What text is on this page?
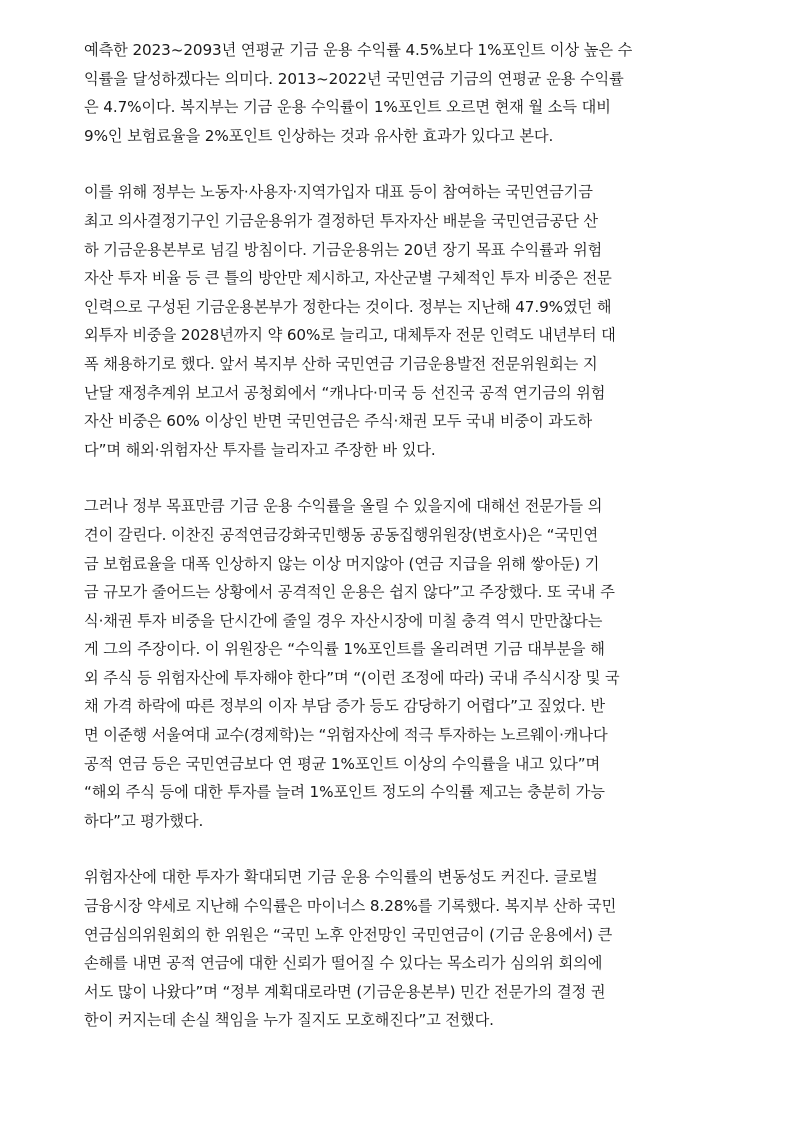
예측한 2023~2093년 연평균 기금 운용 수익률 4.5%보다 1%포인트 이상 높은 수
익률을 달성하겠다는 의미다. 2013~2022년 국민연금 기금의 연평균 운용 수익률
은 4.7%이다. 복지부는 기금 운용 수익률이 1%포인트 오르면 현재 월 소득 대비
9%인 보험료율을 2%포인트 인상하는 것과 유사한 효과가 있다고 본다.

이를 위해 정부는 노동자·사용자·지역가입자 대표 등이 참여하는 국민연금기금
최고 의사결정기구인 기금운용위가 결정하던 투자자산 배분을 국민연금공단 산
하 기금운용본부로 넘길 방침이다. 기금운용위는 20년 장기 목표 수익률과 위험
자산 투자 비율 등 큰 틀의 방안만 제시하고, 자산군별 구체적인 투자 비중은 전문
인력으로 구성된 기금운용본부가 정한다는 것이다. 정부는 지난해 47.9%였던 해
외투자 비중을 2028년까지 약 60%로 늘리고, 대체투자 전문 인력도 내년부터 대
폭 채용하기로 했다. 앞서 복지부 산하 국민연금 기금운용발전 전문위원회는 지
난달 재정추계위 보고서 공청회에서 “캐나다·미국 등 선진국 공적 연기금의 위험
자산 비중은 60% 이상인 반면 국민연금은 주식·채권 모두 국내 비중이 과도하
다”며 해외·위험자산 투자를 늘리자고 주장한 바 있다.

그러나 정부 목표만큼 기금 운용 수익률을 올릴 수 있을지에 대해선 전문가들 의
견이 갈린다. 이찬진 공적연금강화국민행동 공동집행위원장(변호사)은 “국민연
금 보험료율을 대폭 인상하지 않는 이상 머지않아 (연금 지급을 위해 쌓아둔) 기
금 규모가 줄어드는 상황에서 공격적인 운용은 쉽지 않다”고 주장했다. 또 국내 주
식·채권 투자 비중을 단시간에 줄일 경우 자산시장에 미칠 충격 역시 만만찮다는
게 그의 주장이다. 이 위원장은 “수익률 1%포인트를 올리려면 기금 대부분을 해
외 주식 등 위험자산에 투자해야 한다”며 “(이런 조정에 따라) 국내 주식시장 및 국
채 가격 하락에 따른 정부의 이자 부담 증가 등도 감당하기 어렵다”고 짚었다. 반
면 이준행 서울여대 교수(경제학)는 “위험자산에 적극 투자하는 노르웨이·캐나다
공적 연금 등은 국민연금보다 연 평균 1%포인트 이상의 수익률을 내고 있다”며
“해외 주식 등에 대한 투자를 늘려 1%포인트 정도의 수익률 제고는 충분히 가능
하다”고 평가했다.

위험자산에 대한 투자가 확대되면 기금 운용 수익률의 변동성도 커진다. 글로벌
금융시장 약세로 지난해 수익률은 마이너스 8.28%를 기록했다. 복지부 산하 국민
연금심의위원회의 한 위원은 “국민 노후 안전망인 국민연금이 (기금 운용에서) 큰
손해를 내면 공적 연금에 대한 신뢰가 떨어질 수 있다는 목소리가 심의위 회의에
서도 많이 나왔다”며 “정부 계획대로라면 (기금운용본부) 민간 전문가의 결정 권
한이 커지는데 손실 책임을 누가 질지도 모호해진다”고 전했다.
